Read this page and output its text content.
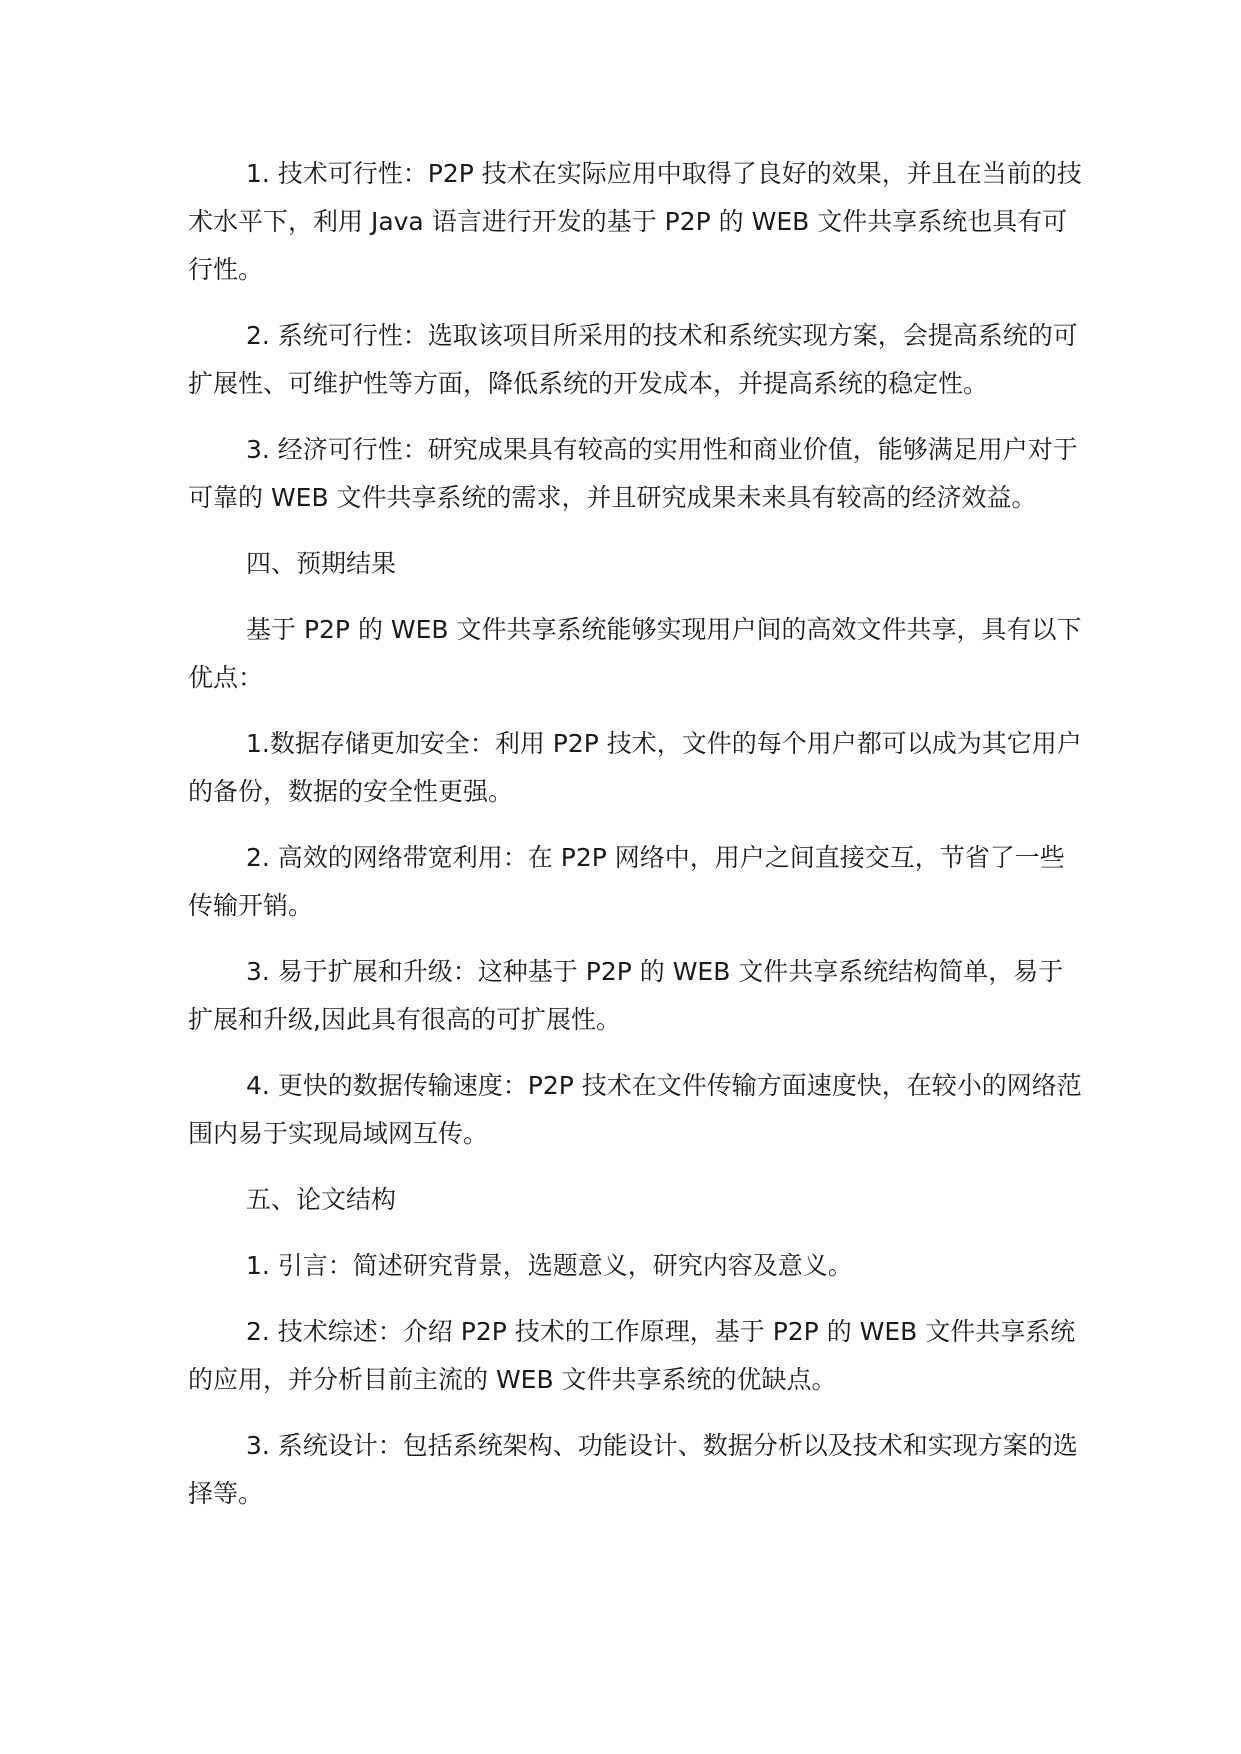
1. 技术可行性：P2P 技术在实际应用中取得了良好的效果，并且在当前的技术水平下，利用 Java 语言进行开发的基于 P2P 的 WEB 文件共享系统也具有可行性。

2. 系统可行性：选取该项目所采用的技术和系统实现方案，会提高系统的可扩展性、可维护性等方面，降低系统的开发成本，并提高系统的稳定性。

3. 经济可行性：研究成果具有较高的实用性和商业价值，能够满足用户对于可靠的 WEB 文件共享系统的需求，并且研究成果未来具有较高的经济效益。

四、预期结果

基于 P2P 的 WEB 文件共享系统能够实现用户间的高效文件共享，具有以下优点：

1.数据存储更加安全：利用 P2P 技术，文件的每个用户都可以成为其它用户的备份，数据的安全性更强。

2. 高效的网络带宽利用：在 P2P 网络中，用户之间直接交互，节省了一些传输开销。

3. 易于扩展和升级：这种基于 P2P 的 WEB 文件共享系统结构简单，易于扩展和升级,因此具有很高的可扩展性。

4. 更快的数据传输速度：P2P 技术在文件传输方面速度快，在较小的网络范围内易于实现局域网互传。

五、论文结构

1. 引言：简述研究背景，选题意义，研究内容及意义。

2. 技术综述：介绍 P2P 技术的工作原理，基于 P2P 的 WEB 文件共享系统的应用，并分析目前主流的 WEB 文件共享系统的优缺点。

3. 系统设计：包括系统架构、功能设计、数据分析以及技术和实现方案的选择等。
